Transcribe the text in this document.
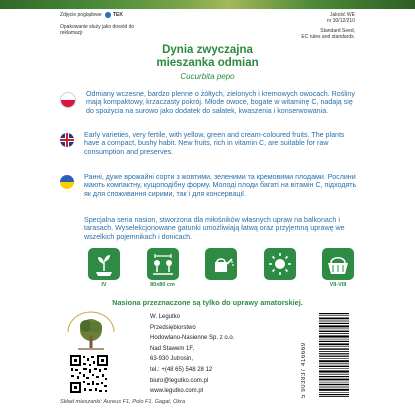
Zdjęcie poglądowe
Opakowanie służy jako dowód do reklamacji
TEK	Jakość WE
nr 30/12/210
Standard Seed,
EC rules and standards.
Dynia zwyczajna
mieszanka odmian
Cucurbita pepo
Odmiany wczesne, bardzo plenne o żółtych, zielonych i kremowych owocach. Rośliny mają kompaktowy, krzaczasty pokrój. Młode owoce, bogate w witaminę C, nadają się do spożycia na surowo jako dodatek do sałatek, kwaszenia i konserwowania.
Early varieties, very fertile, with yellow, green and cream-coloured fruits. The plants have a compact, bushy habit. New fruits, rich in vitamin C, are suitable for raw consumption and preserves.
Ранні, дуже врожайні сорти з жовтими, зеленими та кремовими плодами. Рослини мають компактну, кущоподібну форму. Молоді плоди багаті на вітамін С, підходять як для споживання сирими, так і для консервації.
Specjalna seria nasion, stworzona dla miłośników własnych upraw na balkonach i tarasach. Wyselekcjonowane gatunki umożliwiają łatwą oraz przyjemną uprawę we wszelkich pojemnikach i donicach.
IV	80x80 cm	VII-VIII
Nasiona przeznaczone są tylko do uprawy amatorskiej.
W. Legutko
Przedsiębiorstwo
Hodowlano-Nasienne Sp. z o.o.
Nad Stawem 1F,
63-930 Jutrosin,
tel.: +(48 65) 548 28 12
biuro@legutko.com.pl
www.legutko.com.pl	5 903837 416669
Skład mieszanki: Aureus F1, Polo F1, Gagat, Okra
